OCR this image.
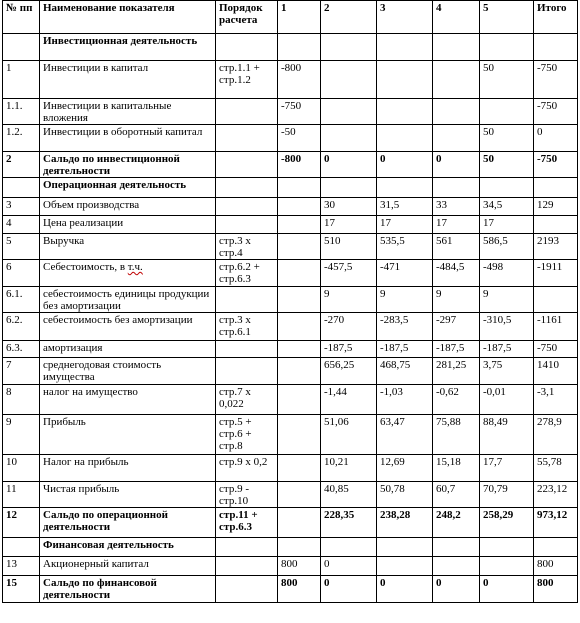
№ пп	Наименование показателя	Порядок расчета	1	2	3	4	5	Итого
	Инвестиционная деятельность							
1	Инвестиции в капитал	стр.1.1 + стр.1.2	-800				50	-750
1.1.	Инвестиции в капитальные вложения		-750					-750
1.2.	Инвестиции в оборотный капитал		-50				50	0
2	Сальдо по инвестиционной деятельности		-800	0	0	0	50	-750
	Операционная деятельность							
3	Объем производства			30	31,5	33	34,5	129
4	Цена реализации			17	17	17	17	
5	Выручка	стр.3 х стр.4		510	535,5	561	586,5	2193
6	Себестоимость, в т.ч.	стр.6.2 + стр.6.3		-457,5	-471	-484,5	-498	-1911
6.1.	себестоимость единицы продукции без амортизации			9	9	9	9	
6.2.	себестоимость без амортизации	стр.3 х стр.6.1		-270	-283,5	-297	-310,5	-1161
6.3.	амортизация			-187,5	-187,5	-187,5	-187,5	-750
7	среднегодовая стоимость имущества			656,25	468,75	281,25	3,75	1410
8	налог на имущество	стр.7 х 0,022		-1,44	-1,03	-0,62	-0,01	-3,1
9	Прибыль	стр.5 + стр.6 + стр.8		51,06	63,47	75,88	88,49	278,9
10	Налог на прибыль	стр.9 х 0,2		10,21	12,69	15,18	17,7	55,78
11	Чистая прибыль	стр.9 - стр.10		40,85	50,78	60,7	70,79	223,12
12	Сальдо по операционной деятельности	стр.11 + стр.6.3		228,35	238,28	248,2	258,29	973,12
	Финансовая деятельность							
13	Акционерный капитал		800	0				800
15	Сальдо по финансовой деятельности		800	0	0	0	0	800
